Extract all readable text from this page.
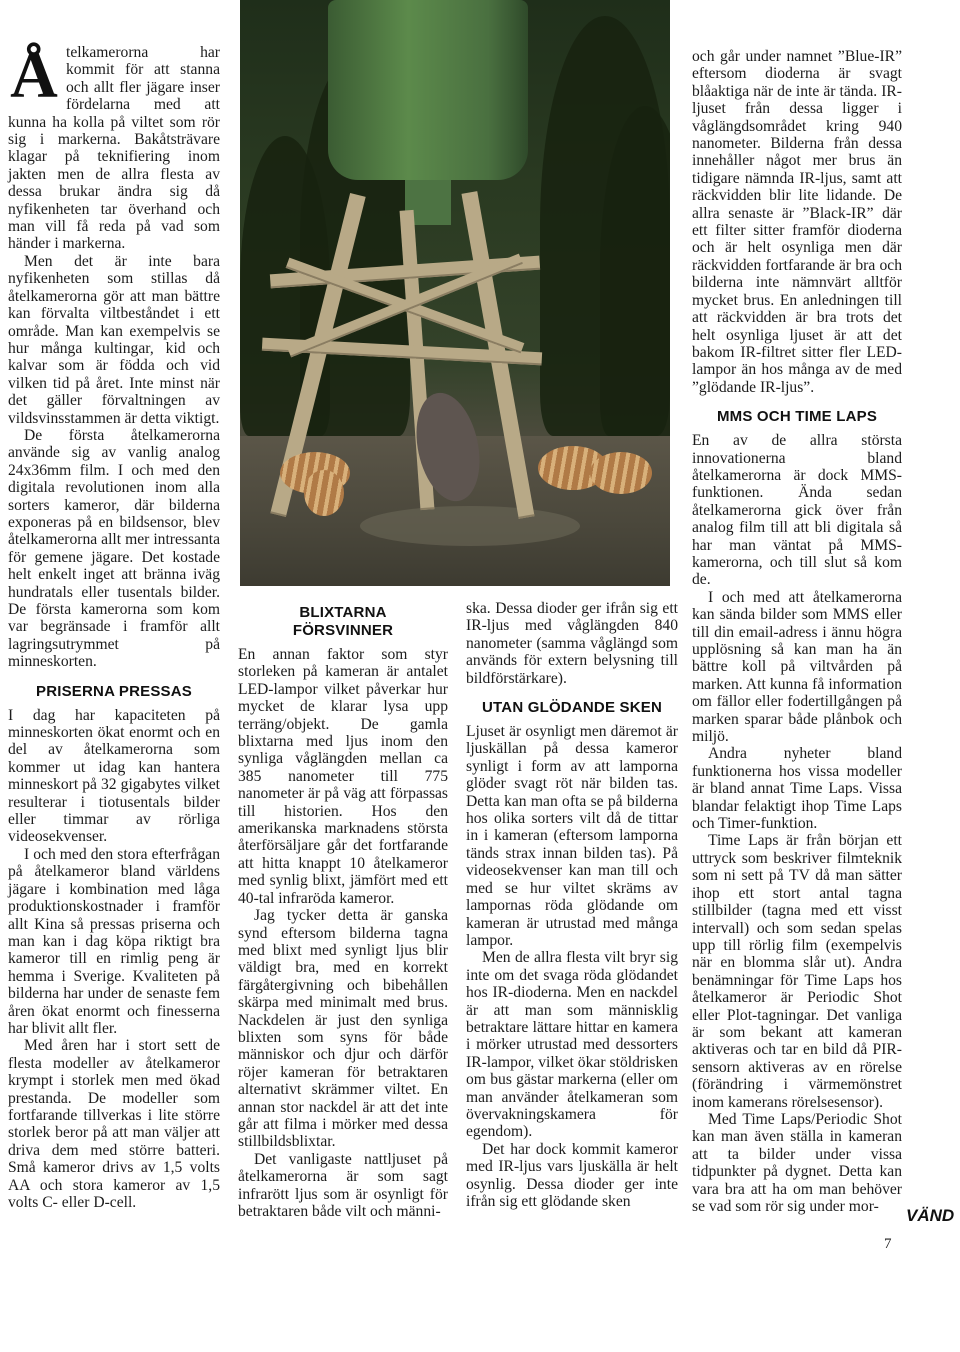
Åtelkamerorna har kommit för att stanna och allt fler jägare inser fördelarna med att kunna ha kolla på viltet som rör sig i markerna. Bakåtsträvare klagar på teknifiering inom jakten men de allra flesta av dessa brukar ändra sig då nyfikenheten tar överhand och man vill få reda på vad som händer i markerna.

Men det är inte bara nyfikenheten som stillas då åtelkamerorna gör att man bättre kan förvalta viltbeståndet i ett område. Man kan exempelvis se hur många kultingar, kid och kalvar som är födda och vid vilken tid på året. Inte minst när det gäller förvaltningen av vildsvinsstammen är detta viktigt.

De första åtelkamerorna använde sig av vanlig analog 24x36mm film. I och med den digitala revolutionen inom alla sorters kameror, där bilderna exponeras på en bildsensor, blev åtelkamerorna allt mer intressanta för gemene jägare. Det kostade helt enkelt inget att bränna iväg hundratals eller tusentals bilder. De första kamerorna som kom var begränsade i framför allt lagringsutrymmet på minneskorten.

PRISERNA PRESSAS

I dag har kapaciteten på minneskorten ökat enormt och en del av åtelkamerorna som kommer ut idag kan hantera minneskort på 32 gigabytes vilket resulterar i tiotusentals bilder eller timmar av rörliga videosekvenser.

I och med den stora efterfrågan på åtelkameror bland världens jägare i kombination med låga produktionskostnader i framför allt Kina så pressas priserna och man kan i dag köpa riktigt bra kameror till en rimlig peng är hemma i Sverige. Kvaliteten på bilderna har under de senaste fem åren ökat enormt och finesserna har blivit allt fler.

Med åren har i stort sett de flesta modeller av åtelkameror krympt i storlek men med ökad prestanda. De modeller som fortfarande tillverkas i lite större storlek beror på att man väljer att driva dem med större batteri. Små kameror drivs av 1,5 volts AA och stora kameror av 1,5 volts C- eller D-cell.

BLIXTARNA
FÖRSVINNER

En annan faktor som styr storleken på kameran är antalet LED-lampor vilket påverkar hur mycket de klarar lysa upp terräng/objekt. De gamla blixtarna med ljus inom den synliga våglängden mellan ca 385 nanometer till 775 nanometer är på väg att förpassas till historien. Hos den amerikanska marknadens största återförsäljare går det fortfarande att hitta knappt 10 åtelkameror med synlig blixt, jämfört med ett 40-tal infraröda kameror.

Jag tycker detta är ganska synd eftersom bilderna tagna med blixt med synligt ljus blir väldigt bra, med en korrekt färgåtergivning och bibehållen skärpa med minimalt med brus. Nackdelen är just den synliga blixten som syns för både människor och djur och därför röjer kameran för betraktaren alternativt skrämmer viltet. En annan stor nackdel är att det inte går att filma i mörker med dessa stillbildsblixtar.

Det vanligaste nattljuset på åtelkamerorna är som sagt infrarött ljus som är osynligt för betraktaren både vilt och männi-

ska. Dessa dioder ger ifrån sig ett IR-ljus med våglängden 840 nanometer (samma våglängd som används för extern belysning till bildförstärkare).

UTAN GLÖDANDE SKEN

Ljuset är osynligt men däremot är ljuskällan på dessa kameror synligt i form av att lamporna glöder svagt röt när bilden tas. Detta kan man ofta se på bilderna hos olika sorters vilt då de tittar in i kameran (eftersom lamporna tänds strax innan bilden tas). På videosekvenser kan man till och med se hur viltet skräms av lampornas röda glödande om kameran är utrustad med många lampor.

Men de allra flesta vilt bryr sig inte om det svaga röda glödandet hos IR-dioderna. Men en nackdel är att man som människlig betraktare lättare hittar en kamera i mörker utrustad med dessorters IR-lampor, vilket ökar stöldrisken om bus gästar markerna (eller om man använder åtelkameran som övervakningskamera för egendom).

Det har dock kommit kameror med IR-ljus vars ljuskälla är helt osynlig. Dessa dioder ger inte ifrån sig ett glödande sken

och går under namnet ”Blue-IR” eftersom dioderna är svagt blåaktiga när de inte är tända. IR-ljuset från dessa ligger i våglängdsområdet kring 940 nanometer. Bilderna från dessa innehåller något mer brus än tidigare nämnda IR-ljus, samt att räckvidden blir lite lidande. De allra senaste är ”Black-IR” där ett filter sitter framför dioderna och är helt osynliga men där räckvidden fortfarande är bra och bilderna inte nämnvärt alltför mycket brus. En anledningen till att räckvidden är bra trots det helt osynliga ljuset är att det bakom IR-filtret sitter fler LED-lampor än hos många av de med ”glödande IR-ljus”.

MMS OCH TIME LAPS

En av de allra största innovationerna bland åtelkamerorna är dock MMS-funktionen. Ända sedan åtelkamerorna gick över från analog film till att bli digitala så har man väntat på MMS-kamerorna, och till slut så kom de.

I och med att åtelkamerorna kan sända bilder som MMS eller till din email-adress i ännu högra upplösning så kan man ha än bättre koll på viltvården på marken. Att kunna få information om fällor eller fodertillgången på marken sparar både plånbok och miljö.

Andra nyheter bland funktionerna hos vissa modeller är bland annat Time Laps. Vissa blandar felaktigt ihop Time Laps och Timer-funktion.

Time Laps är från början ett uttryck som beskriver filmteknik som ni sett på TV då man sätter ihop ett stort antal tagna stillbilder (tagna med ett visst intervall) och som sedan spelas upp till rörlig film (exempelvis när en blomma slår ut). Andra benämningar för Time Laps hos åtelkameror är Periodic Shot eller Plot-tagningar. Det vanliga är som bekant att kameran aktiveras och tar en bild då PIR-sensorn aktiveras av en rörelse (förändring i värmemönstret inom kamerans rörelsesensor).

Med Time Laps/Periodic Shot kan man även ställa in kameran att ta bilder under vissa tidpunkter på dygnet. Detta kan vara bra att ha om man behöver se vad som rör sig under mor-	VÄND
7
